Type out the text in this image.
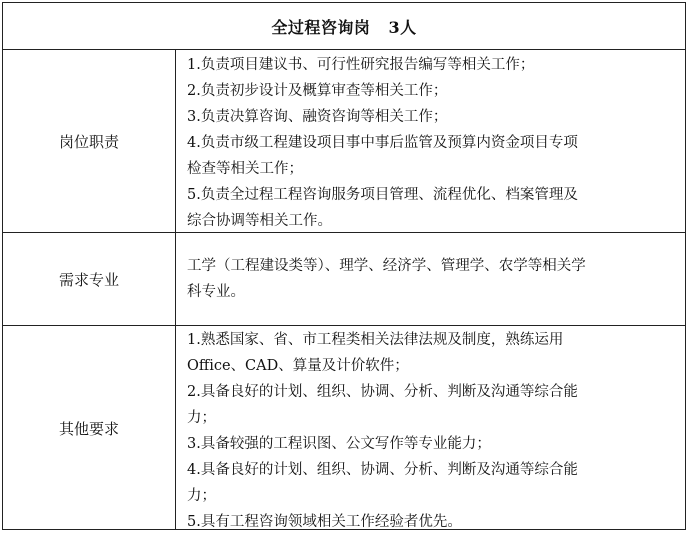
全过程咨询岗 3人
岗位职责
1.负责项目建议书、可行性研究报告编写等相关工作；
2.负责初步设计及概算审查等相关工作；
3.负责决算咨询、融资咨询等相关工作；
4.负责市级工程建设项目事中事后监管及预算内资金项目专项
检查等相关工作；
5.负责全过程工程咨询服务项目管理、流程优化、档案管理及
综合协调等相关工作。
需求专业
工学（工程建设类等）、理学、经济学、管理学、农学等相关学
科专业。
其他要求
1.熟悉国家、省、市工程类相关法律法规及制度，熟练运用
Office、CAD、算量及计价软件；
2.具备良好的计划、组织、协调、分析、判断及沟通等综合能
力；
3.具备较强的工程识图、公文写作等专业能力；
4.具备良好的计划、组织、协调、分析、判断及沟通等综合能
力；
5.具有工程咨询领域相关工作经验者优先。
